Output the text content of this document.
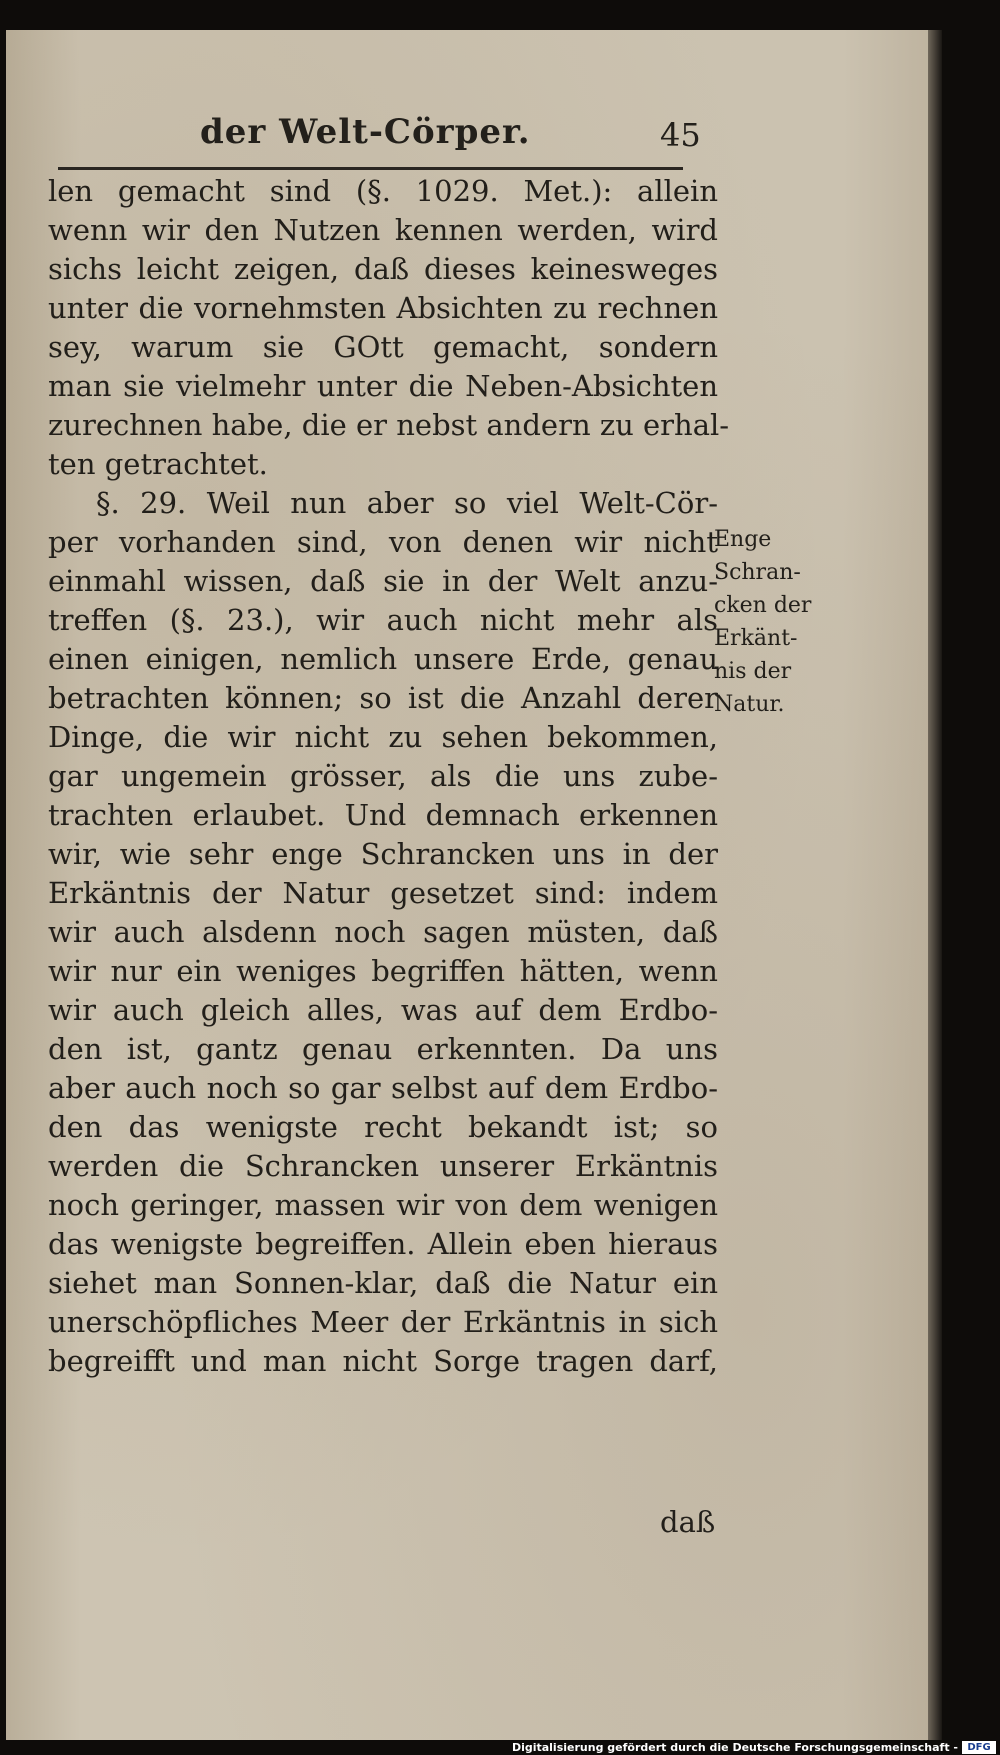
der Welt-Cörper.	45
len gemacht sind (§. 1029. Met.): allein
wenn wir den Nutzen kennen werden, wird
sichs leicht zeigen, daß dieses keinesweges
unter die vornehmsten Absichten zu rechnen
sey, warum sie GOtt gemacht, sondern
man sie vielmehr unter die Neben-Absichten
zurechnen habe, die er nebst andern zu erhal-
ten getrachtet.
§. 29. Weil nun aber so viel Welt-Cör-
per vorhanden sind, von denen wir nicht
einmahl wissen, daß sie in der Welt anzu-
treffen (§. 23.), wir auch nicht mehr als
einen einigen, nemlich unsere Erde, genau
betrachten können; so ist die Anzahl derer
Dinge, die wir nicht zu sehen bekommen,
gar ungemein grösser, als die uns zube-
trachten erlaubet. Und demnach erkennen
wir, wie sehr enge Schrancken uns in der
Erkäntnis der Natur gesetzet sind: indem
wir auch alsdenn noch sagen müsten, daß
wir nur ein weniges begriffen hätten, wenn
wir auch gleich alles, was auf dem Erdbo-
den ist, gantz genau erkennten. Da uns
aber auch noch so gar selbst auf dem Erdbo-
den das wenigste recht bekandt ist; so
werden die Schrancken unserer Erkäntnis
noch geringer, massen wir von dem wenigen
das wenigste begreiffen. Allein eben hieraus
siehet man Sonnen-klar, daß die Natur ein
unerschöpfliches Meer der Erkäntnis in sich
begreifft und man nicht Sorge tragen darf,
daß
Enge
Schran-
cken der
Erkänt-
nis der
Natur.
Digitalisierung gefördert durch die Deutsche Forschungsgemeinschaft - DFG
